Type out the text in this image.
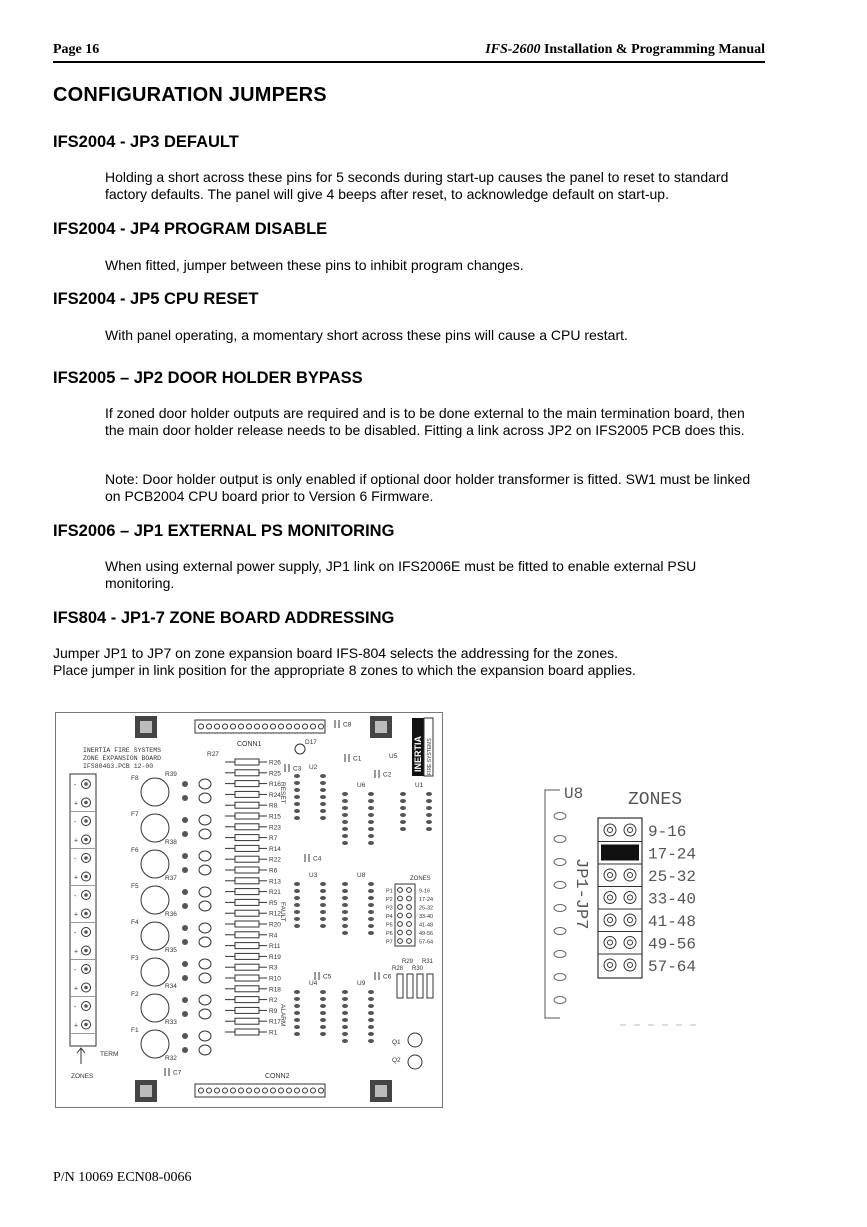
Page 16	IFS-2600 Installation & Programming Manual
CONFIGURATION JUMPERS
IFS2004 - JP3 DEFAULT

Holding a short across these pins for 5 seconds during start-up causes the panel to reset to standard factory defaults. The panel will give 4 beeps after reset, to acknowledge default on start-up.

IFS2004 - JP4 PROGRAM DISABLE

When fitted, jumper between these pins to inhibit program changes.

IFS2004 - JP5 CPU RESET

With panel operating, a momentary short across these pins will cause a CPU restart.

IFS2005 – JP2 DOOR HOLDER BYPASS

If zoned door holder outputs are required and is to be done external to the main termination board, then the main door holder release needs to be disabled. Fitting a link across JP2 on IFS2005 PCB does this.

Note: Door holder output is only enabled if optional door holder transformer is fitted. SW1 must be linked on PCB2004 CPU board prior to Version 6 Firmware.

IFS2006 – JP1 EXTERNAL PS MONITORING

When using external power supply, JP1 link on IFS2006E must be fitted to enable external PSU monitoring.

IFS804 - JP1-7 ZONE BOARD ADDRESSING

Jumper JP1 to JP7 on zone expansion board IFS-804 selects the addressing for the zones.

Place jumper in link position for the appropriate 8 zones to which the expansion board applies.

CONN1
CONN2
INERTIA FIRE SYSTEMS
ZONE EXPANSION BOARD
IFS804G3.PCB 12-00	INERTIA FIRE SYSTEMS
-
+
-
+
-
+
-
+
-
+
-
+
-
+
TERM
ZONES
F8
R39
F7
R38
F6
R37
F5
R36
F4
R35
F3
R34
F2
R33
F1
R32
R26
R25
R16
R24
R8
R15
R23
R7
R14
R22
R6
R13
R21
R5
R12
R20
R4
R11
R19
R3
R10
R18
R2
R9
R17
R1
R27
RESET
FAULT
ALARM
U2
U6
U3	U8
U4	U9
U1
U5
P1	9-16
P2	17-24
P3	25-32
P4	33-40
P5	41-48
P6	49-56
P7	57-64
ZONES
C8
C3
C1
C2
C4
C5	C6
C7
D17
R28
R29
R30
R31
Q1
Q2
U8 ZONES
JP1-JP7
9-16
17-24
25-32
33-40
41-48
49-56
57-64
P/N 10069 ECN08-0066
